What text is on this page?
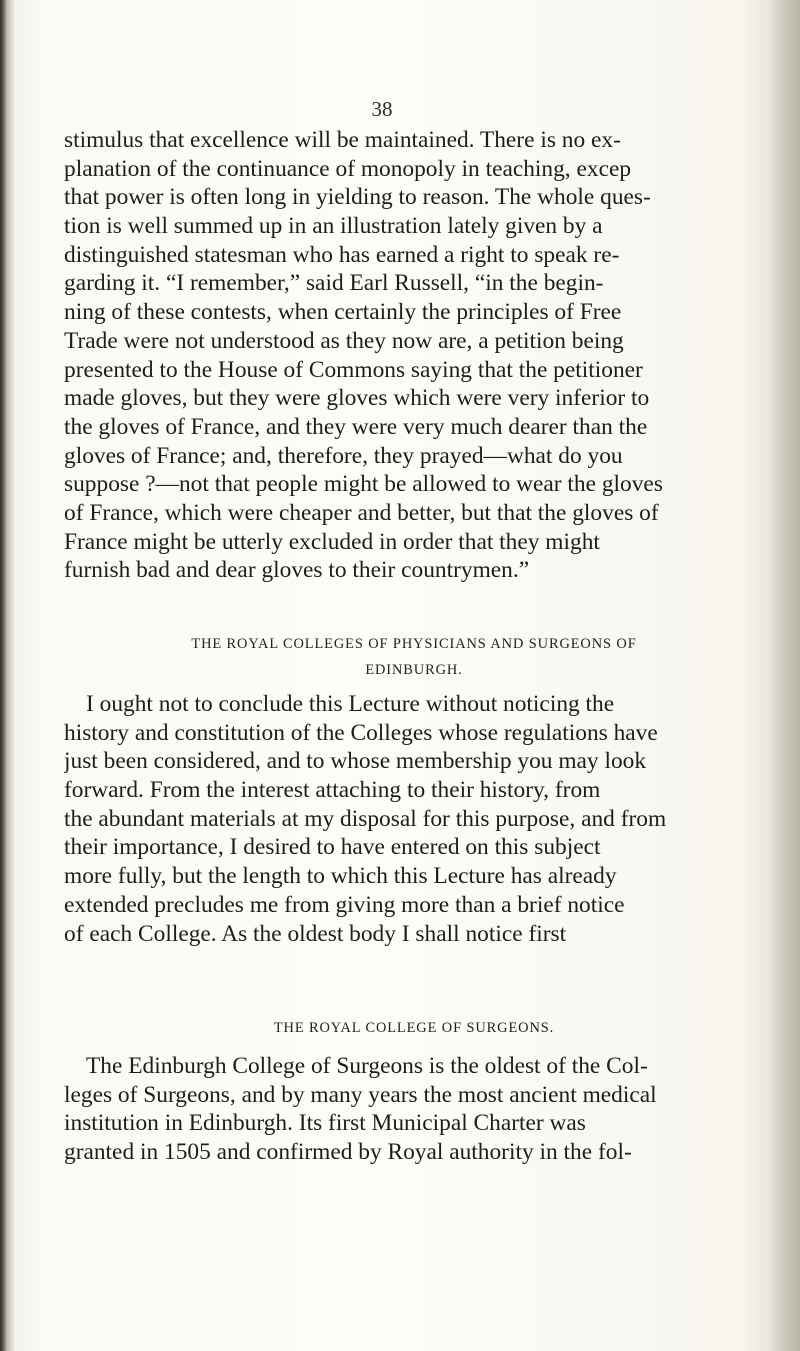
38
stimulus that excellence will be maintained. There is no ex-
planation of the continuance of monopoly in teaching, excep
that power is often long in yielding to reason. The whole ques-
tion is well summed up in an illustration lately given by a
distinguished statesman who has earned a right to speak re-
garding it. “I remember,” said Earl Russell, “in the begin-
ning of these contests, when certainly the principles of Free
Trade were not understood as they now are, a petition being
presented to the House of Commons saying that the petitioner
made gloves, but they were gloves which were very inferior to
the gloves of France, and they were very much dearer than the
gloves of France; and, therefore, they prayed—what do you
suppose ?—not that people might be allowed to wear the gloves
of France, which were cheaper and better, but that the gloves of
France might be utterly excluded in order that they might
furnish bad and dear gloves to their countrymen.”
THE ROYAL COLLEGES OF PHYSICIANS AND SURGEONS OF
EDINBURGH.
I ought not to conclude this Lecture without noticing the
history and constitution of the Colleges whose regulations have
just been considered, and to whose membership you may look
forward. From the interest attaching to their history, from
the abundant materials at my disposal for this purpose, and from
their importance, I desired to have entered on this subject
more fully, but the length to which this Lecture has already
extended precludes me from giving more than a brief notice
of each College. As the oldest body I shall notice first
THE ROYAL COLLEGE OF SURGEONS.
The Edinburgh College of Surgeons is the oldest of the Col-
leges of Surgeons, and by many years the most ancient medical
institution in Edinburgh. Its first Municipal Charter was
granted in 1505 and confirmed by Royal authority in the fol-
